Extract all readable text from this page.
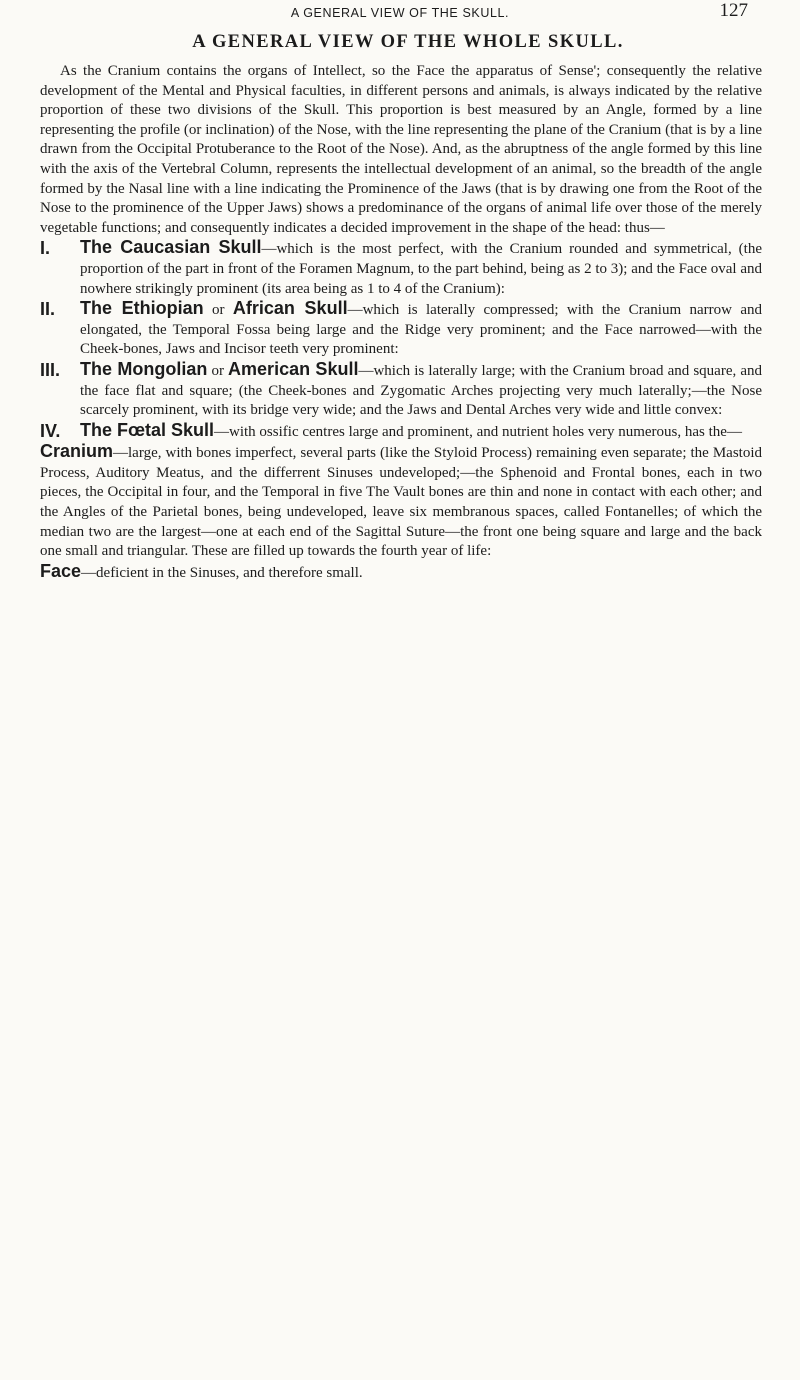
A GENERAL VIEW OF THE SKULL.	127
A GENERAL VIEW OF THE WHOLE SKULL.

As the Cranium contains the organs of Intellect, so the Face the apparatus of Sense'; consequently the relative development of the Mental and Physical faculties, in different persons and animals, is always indicated by the relative proportion of these two divisions of the Skull. This proportion is best measured by an Angle, formed by a line representing the profile (or inclination) of the Nose, with the line representing the plane of the Cranium (that is by a line drawn from the Occipital Protuberance to the Root of the Nose). And, as the abruptness of the angle formed by this line with the axis of the Vertebral Column, represents the intellectual development of an animal, so the breadth of the angle formed by the Nasal line with a line indicating the Prominence of the Jaws (that is by drawing one from the Root of the Nose to the prominence of the Upper Jaws) shows a predominance of the organs of animal life over those of the merely vegetable functions; and consequently indicates a decided improvement in the shape of the head: thus—

I. The Caucasian Skull—which is the most perfect, with the Cranium rounded and symmetrical, (the proportion of the part in front of the Foramen Magnum, to the part behind, being as 2 to 3); and the Face oval and nowhere strikingly prominent (its area being as 1 to 4 of the Cranium):

II. The Ethiopian or African Skull—which is laterally compressed; with the Cranium narrow and elongated, the Temporal Fossa being large and the Ridge very prominent; and the Face narrowed—with the Cheek-bones, Jaws and Incisor teeth very prominent:

III. The Mongolian or American Skull—which is laterally large; with the Cranium broad and square, and the face flat and square; (the Cheek-bones and Zygomatic Arches projecting very much laterally;—the Nose scarcely prominent, with its bridge very wide; and the Jaws and Dental Arches very wide and little convex:

IV. The Fœtal Skull—with ossific centres large and prominent, and nutrient holes very numerous, has the—

Cranium—large, with bones imperfect, several parts (like the Styloid Process) remaining even separate; the Mastoid Process, Auditory Meatus, and the differrent Sinuses undeveloped;—the Sphenoid and Frontal bones, each in two pieces, the Occipital in four, and the Temporal in five The Vault bones are thin and none in contact with each other; and the Angles of the Parietal bones, being undeveloped, leave six membranous spaces, called Fontanelles; of which the median two are the largest—one at each end of the Sagittal Suture—the front one being square and large and the back one small and triangular. These are filled up towards the fourth year of life:

Face—deficient in the Sinuses, and therefore small.
